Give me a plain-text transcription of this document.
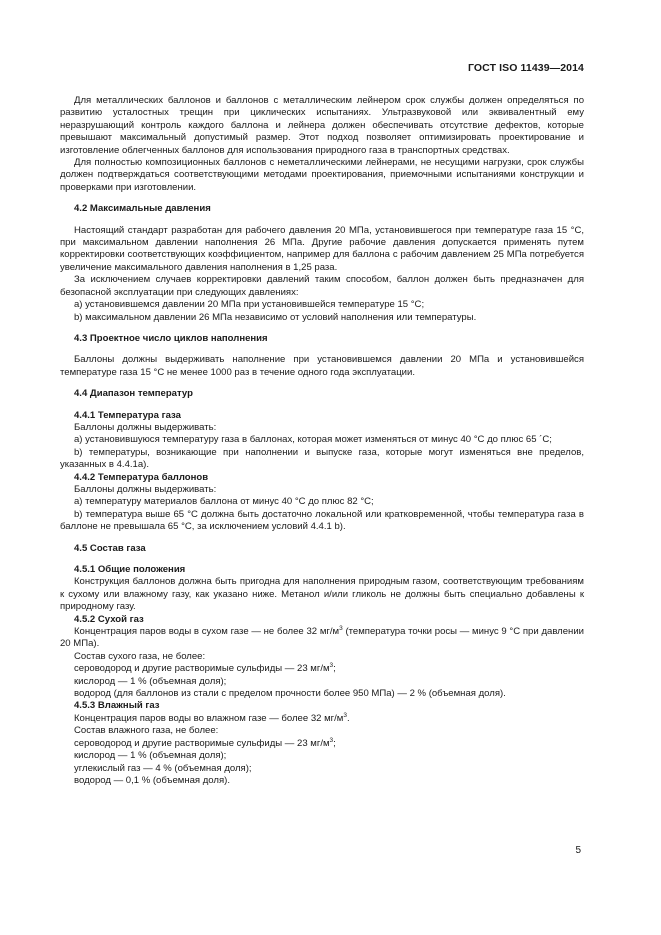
ГОСТ ISO 11439—2014

Для металлических баллонов и баллонов с металлическим лейнером срок службы должен определяться по развитию усталостных трещин при циклических испытаниях. Ультразвуковой или эквивалентный ему неразрушающий контроль каждого баллона и лейнера должен обеспечивать отсутствие дефектов, которые превышают максимальный допустимый размер. Этот подход позволяет оптимизировать проектирование и изготовление облегченных баллонов для использования природного газа в транспортных средствах.

Для полностью композиционных баллонов с неметаллическими лейнерами, не несущими нагрузки, срок службы должен подтверждаться соответствующими методами проектирования, приемочными испытаниями конструкции и проверками при изготовлении.

4.2 Максимальные давления

Настоящий стандарт разработан для рабочего давления 20 МПа, установившегося при температуре газа 15 °С, при максимальном давлении наполнения 26 МПа. Другие рабочие давления допускается применять путем корректировки соответствующих коэффициентом, например для баллона с рабочим давлением 25 МПа потребуется увеличение максимального давления наполнения в 1,25 раза.

За исключением случаев корректировки давлений таким способом, баллон должен быть предназначен для безопасной эксплуатации при следующих давлениях:

а) установившемся давлении 20 МПа при установившейся температуре 15 °С;

b) максимальном давлении 26 МПа независимо от условий наполнения или температуры.

4.3 Проектное число циклов наполнения

Баллоны должны выдерживать наполнение при установившемся давлении 20 МПа и установившейся температуре газа 15 °С не менее 1000 раз в течение одного года эксплуатации.

4.4 Диапазон температур

4.4.1 Температура газа

Баллоны должны выдерживать:

а) установившуюся температуру газа в баллонах, которая может изменяться от минус 40 °С до плюс 65 ´С;

b) температуры, возникающие при наполнении и выпуске газа, которые могут изменяться вне пределов, указанных в 4.4.1а).

4.4.2 Температура баллонов

Баллоны должны выдерживать:

а) температуру материалов баллона от минус 40 °С до плюс 82 °С;

b) температура выше 65 °С должна быть достаточно локальной или кратковременной, чтобы температура газа в баллоне не превышала 65 °С, за исключением условий 4.4.1 b).

4.5 Состав газа

4.5.1 Общие положения

Конструкция баллонов должна быть пригодна для наполнения природным газом, соответствующим требованиям к сухому или влажному газу, как указано ниже. Метанол и/или гликоль не должны быть специально добавлены к природному газу.

4.5.2 Сухой газ

Концентрация паров воды в сухом газе — не более 32 $мг/м^3$ (температура точки росы — минус 9 °С при давлении 20 МПа).

Состав сухого газа, не более:

сероводород и другие растворимые сульфиды — 23 $мг/м^3$;

кислород — 1 % (объемная доля);

водород (для баллонов из стали с пределом прочности более 950 МПа) — 2 % (объемная доля).

4.5.3 Влажный газ

Концентрация паров воды во влажном газе — более 32 $мг/м^3$.

Состав влажного газа, не более:

сероводород и другие растворимые сульфиды — 23 $мг/м^3$;

кислород — 1 % (объемная доля);

углекислый газ — 4 % (объемная доля);

водород — 0,1 % (объемная доля).

5
